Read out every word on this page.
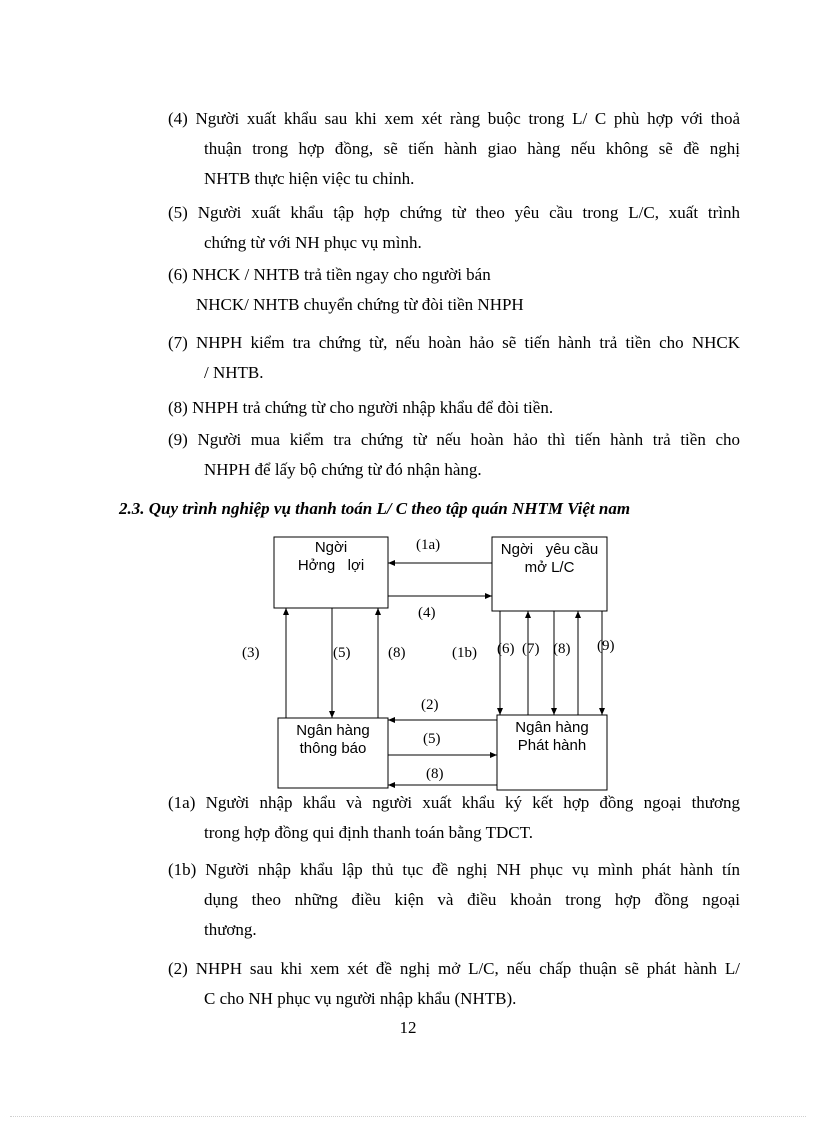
(4) Người xuất khẩu sau khi xem xét ràng buộc trong L/ C phù hợp với thoả
thuận trong hợp đồng, sẽ tiến hành giao hàng nếu không sẽ đề nghị
NHTB thực hiện việc tu chỉnh.
(5) Người xuất khẩu tập hợp chứng từ theo yêu cầu trong L/C, xuất trình
chứng từ với NH phục vụ mình.
(6) NHCK / NHTB trả tiền ngay cho người bán
NHCK/ NHTB chuyển chứng từ đòi tiền NHPH
(7) NHPH kiểm tra chứng từ, nếu hoàn hảo sẽ tiến hành trả tiền cho NHCK
/ NHTB.
(8) NHPH trả chứng từ cho người nhập khẩu để đòi tiền.
(9) Người mua kiểm tra chứng từ nếu hoàn hảo thì tiến hành trả tiền cho
NHPH để lấy bộ chứng từ đó nhận hàng.
2.3. Quy trình nghiệp vụ thanh toán L/ C theo tập quán NHTM Việt nam
Ngời
Hởng   lợi
Ngời   yêu cầu
mở L/C
Ngân hàng
thông báo
Ngân hàng
Phát hành
(1a)
(4)
(3)	(5)	(8)	(1b) (6) (7) (8) (9)
(2)
(5)
(8)
(1a) Người nhập khẩu và người xuất khẩu ký kết hợp đồng ngoại thương
trong hợp đồng qui định thanh toán bằng TDCT.
(1b) Người nhập khẩu lập thủ tục đề nghị NH phục vụ mình phát hành tín
dụng theo những điều kiện và điều khoản trong hợp đồng ngoại
thương.
(2) NHPH sau khi xem xét đề nghị mở L/C, nếu chấp thuận sẽ phát hành L/
C cho NH phục vụ người nhập khẩu (NHTB).
12
